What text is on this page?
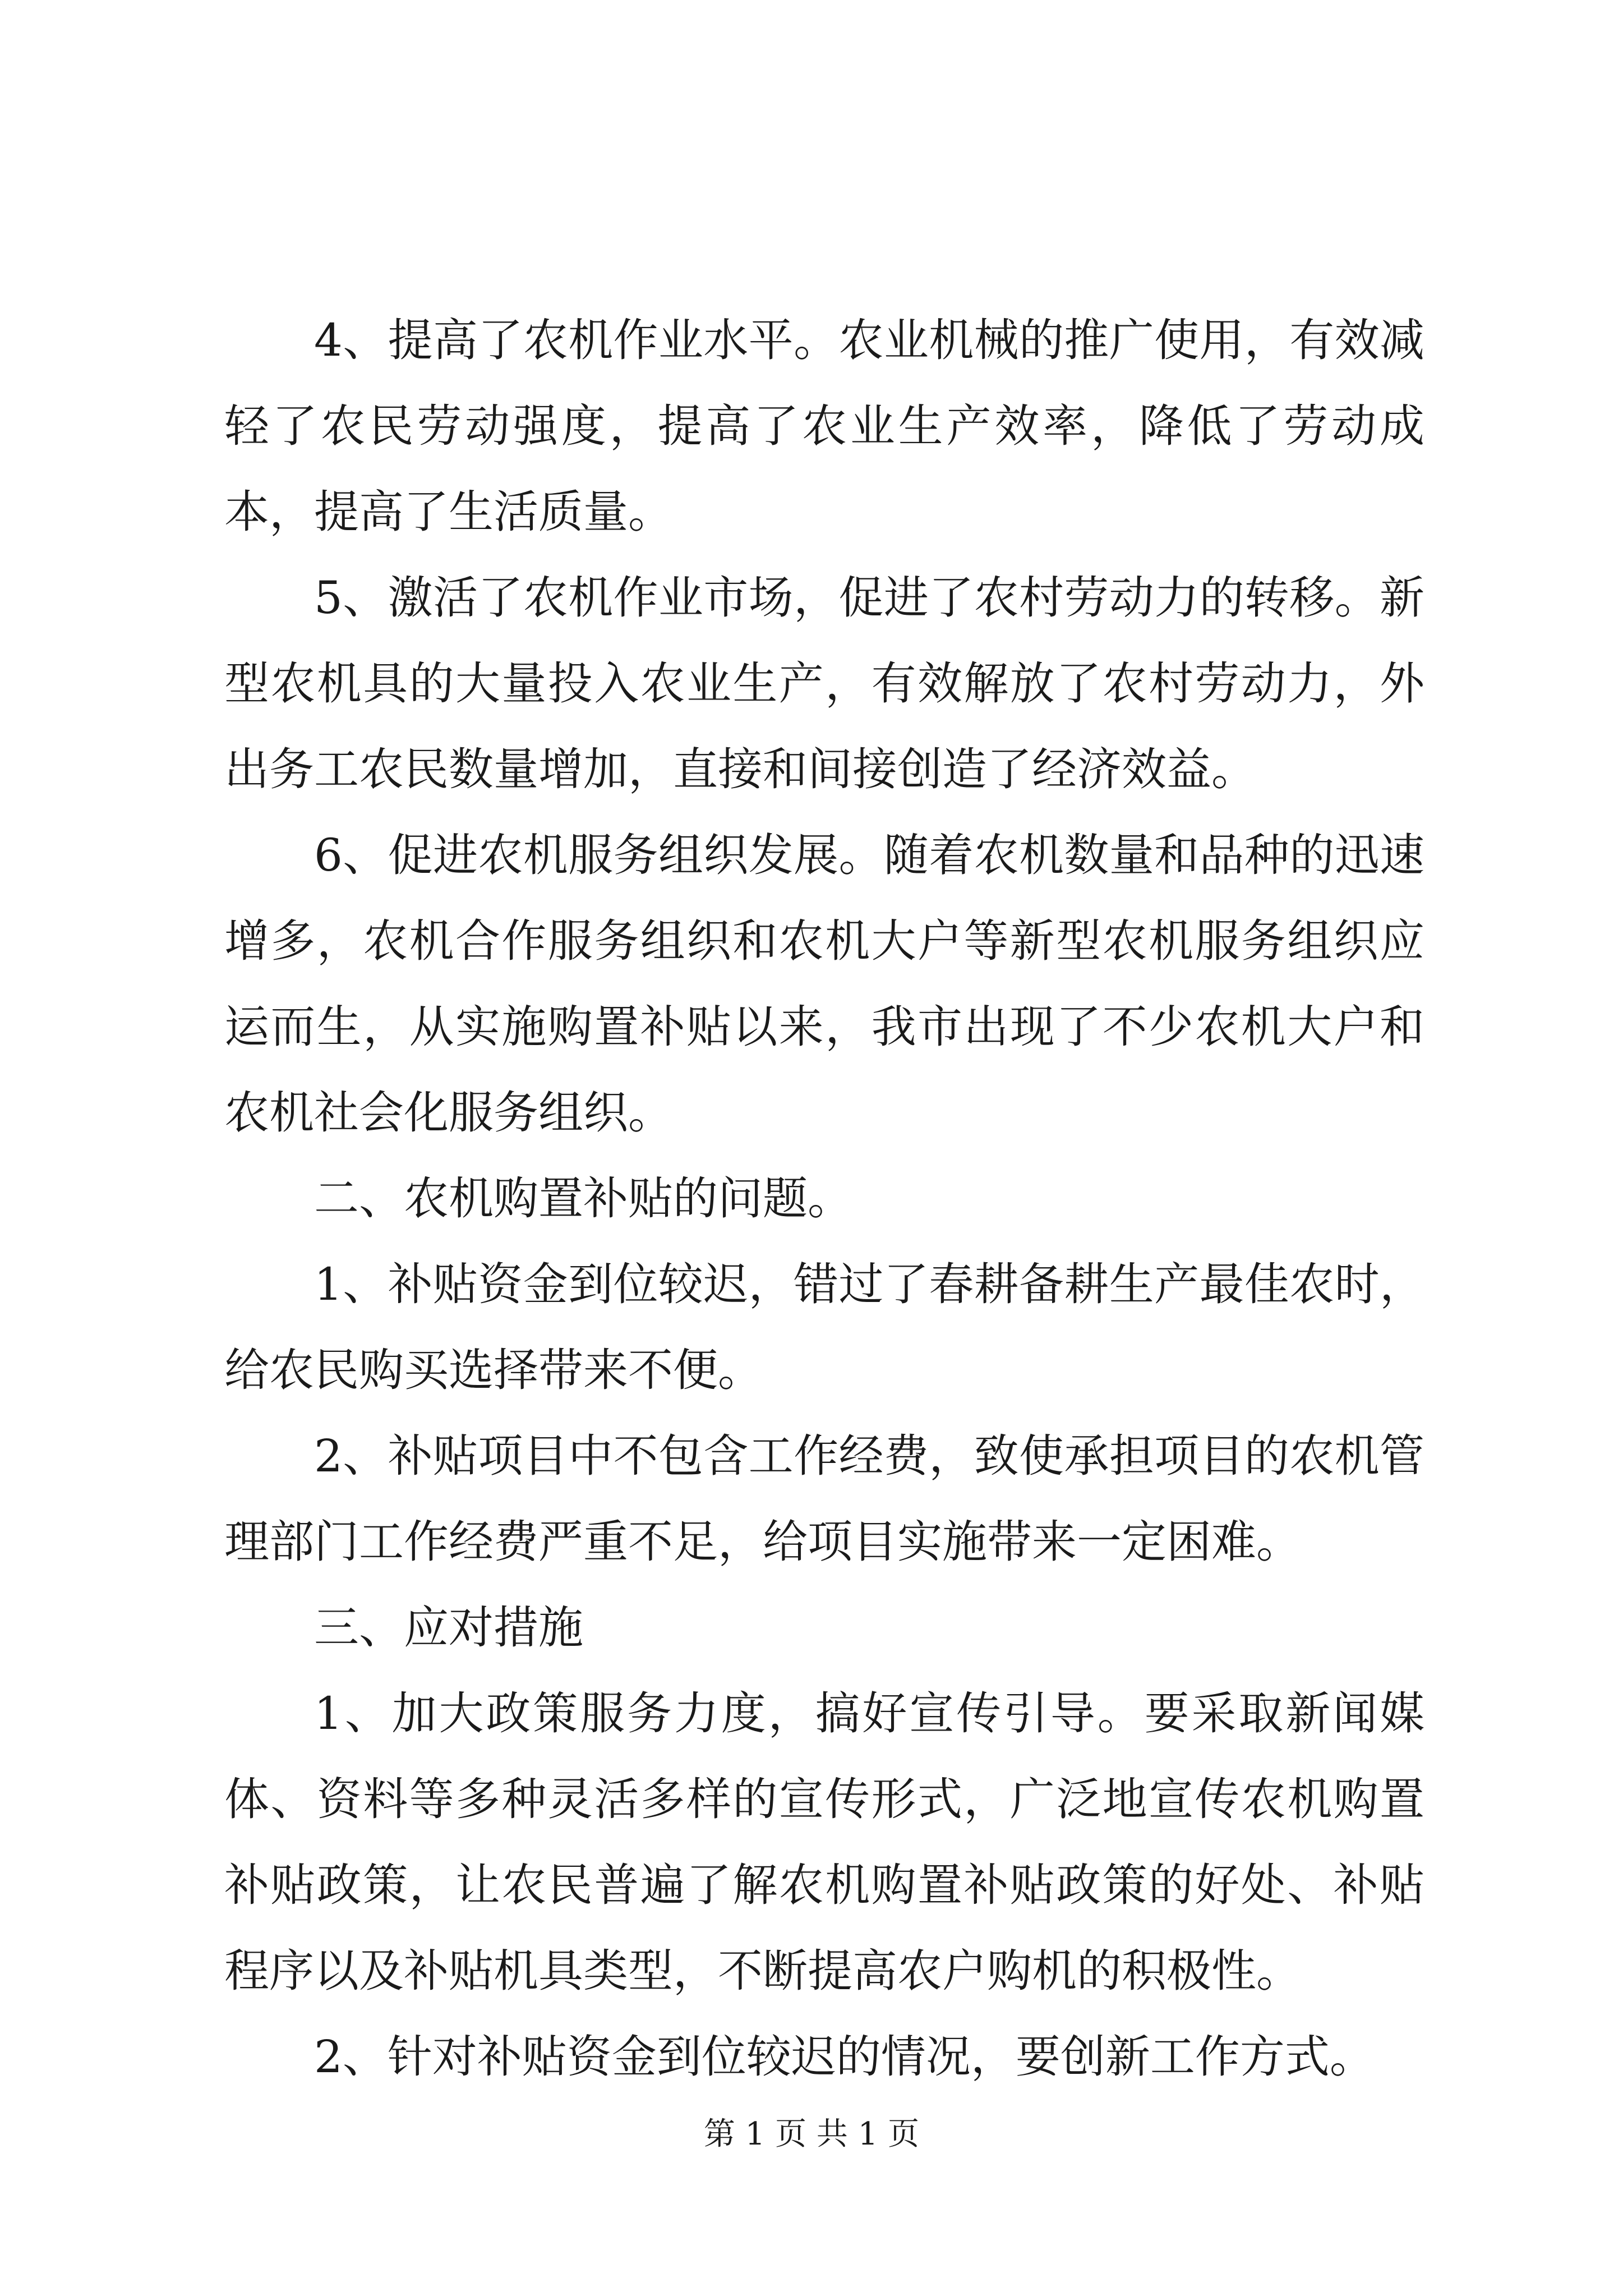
4、提高了农机作业水平。农业机械的推广使用，有效减轻了农民劳动强度，提高了农业生产效率，降低了劳动成本，提高了生活质量。

5、激活了农机作业市场，促进了农村劳动力的转移。新型农机具的大量投入农业生产，有效解放了农村劳动力，外出务工农民数量增加，直接和间接创造了经济效益。

6、促进农机服务组织发展。随着农机数量和品种的迅速增多，农机合作服务组织和农机大户等新型农机服务组织应运而生，从实施购置补贴以来，我市出现了不少农机大户和农机社会化服务组织。

二、农机购置补贴的问题。

1、补贴资金到位较迟，错过了春耕备耕生产最佳农时，给农民购买选择带来不便。

2、补贴项目中不包含工作经费，致使承担项目的农机管理部门工作经费严重不足，给项目实施带来一定困难。

三、应对措施

1、加大政策服务力度，搞好宣传引导。要采取新闻媒体、资料等多种灵活多样的宣传形式，广泛地宣传农机购置补贴政策，让农民普遍了解农机购置补贴政策的好处、补贴程序以及补贴机具类型，不断提高农户购机的积极性。

2、针对补贴资金到位较迟的情况，要创新工作方式。

第 1 页 共 1 页
